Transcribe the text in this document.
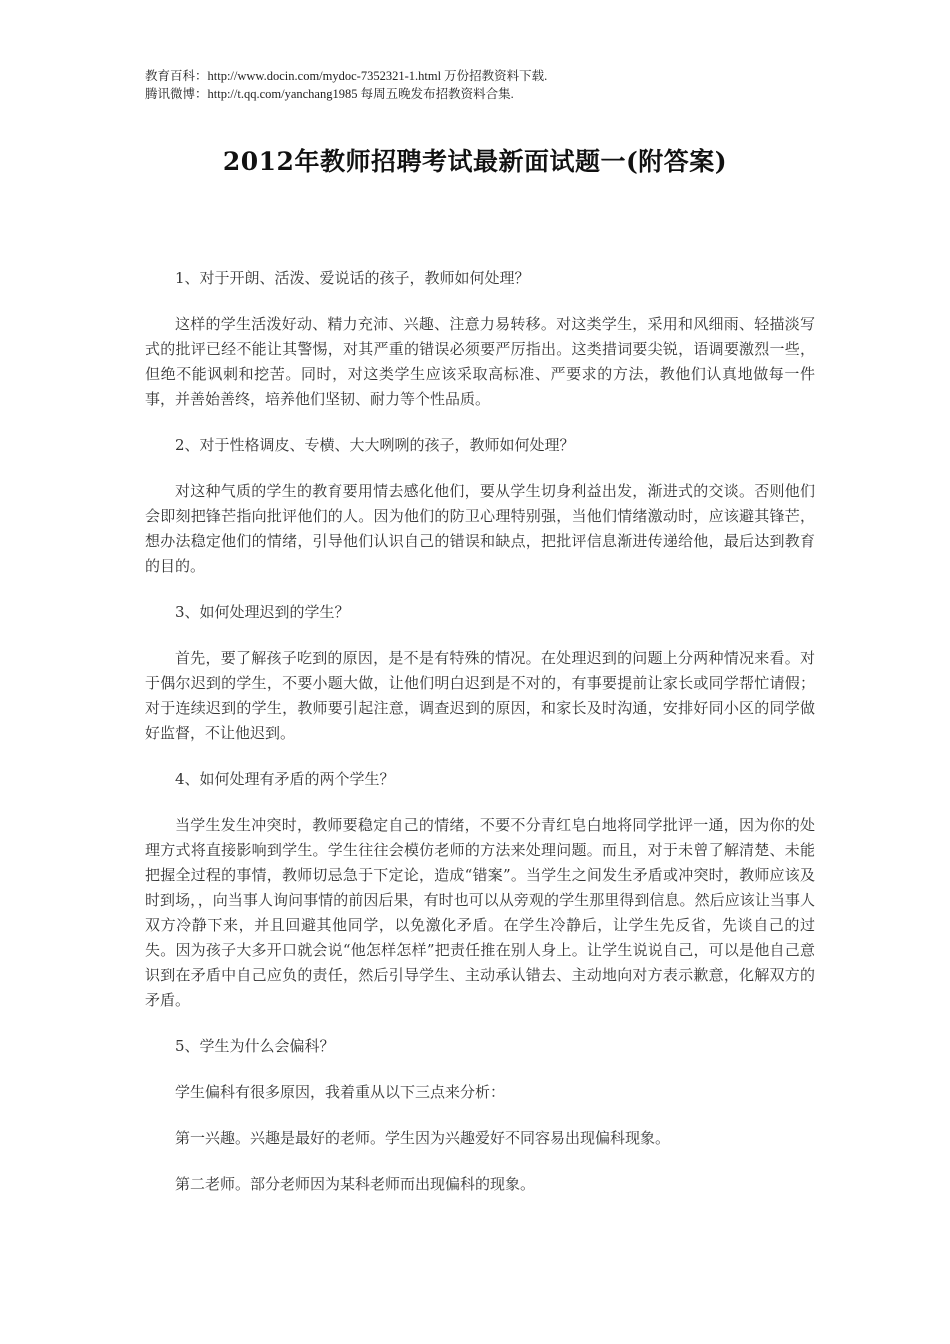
教育百科：http://www.docin.com/mydoc-7352321-1.html 万份招教资料下载.
腾讯微博：http://t.qq.com/yanchang1985 每周五晚发布招教资料合集.
2012年教师招聘考试最新面试题一(附答案)

1、对于开朗、活泼、爱说话的孩子，教师如何处理？

这样的学生活泼好动、精力充沛、兴趣、注意力易转移。对这类学生，采用和风细雨、轻描淡写式的批评已经不能让其警惕，对其严重的错误必须要严厉指出。这类措词要尖锐，语调要激烈一些，但绝不能讽刺和挖苦。同时，对这类学生应该采取高标准、严要求的方法，教他们认真地做每一件事，并善始善终，培养他们坚韧、耐力等个性品质。

2、对于性格调皮、专横、大大咧咧的孩子，教师如何处理？

对这种气质的学生的教育要用情去感化他们，要从学生切身利益出发，渐进式的交谈。否则他们会即刻把锋芒指向批评他们的人。因为他们的防卫心理特别强，当他们情绪激动时，应该避其锋芒，想办法稳定他们的情绪，引导他们认识自己的错误和缺点，把批评信息渐进传递给他，最后达到教育的目的。

3、如何处理迟到的学生？

首先，要了解孩子吃到的原因，是不是有特殊的情况。在处理迟到的问题上分两种情况来看。对于偶尔迟到的学生，不要小题大做，让他们明白迟到是不对的，有事要提前让家长或同学帮忙请假；对于连续迟到的学生，教师要引起注意，调查迟到的原因，和家长及时沟通，安排好同小区的同学做好监督，不让他迟到。

4、如何处理有矛盾的两个学生？

当学生发生冲突时，教师要稳定自己的情绪，不要不分青红皂白地将同学批评一通，因为你的处理方式将直接影响到学生。学生往往会模仿老师的方法来处理问题。而且，对于未曾了解清楚、未能把握全过程的事情，教师切忌急于下定论，造成“错案”。当学生之间发生矛盾或冲突时，教师应该及时到场，，向当事人询问事情的前因后果，有时也可以从旁观的学生那里得到信息。然后应该让当事人双方冷静下来，并且回避其他同学，以免激化矛盾。在学生冷静后，让学生先反省，先谈自己的过失。因为孩子大多开口就会说“他怎样怎样”把责任推在别人身上。让学生说说自己，可以是他自己意识到在矛盾中自己应负的责任，然后引导学生、主动承认错去、主动地向对方表示歉意，化解双方的矛盾。

5、学生为什么会偏科？

学生偏科有很多原因，我着重从以下三点来分析：

第一兴趣。兴趣是最好的老师。学生因为兴趣爱好不同容易出现偏科现象。

第二老师。部分老师因为某科老师而出现偏科的现象。
